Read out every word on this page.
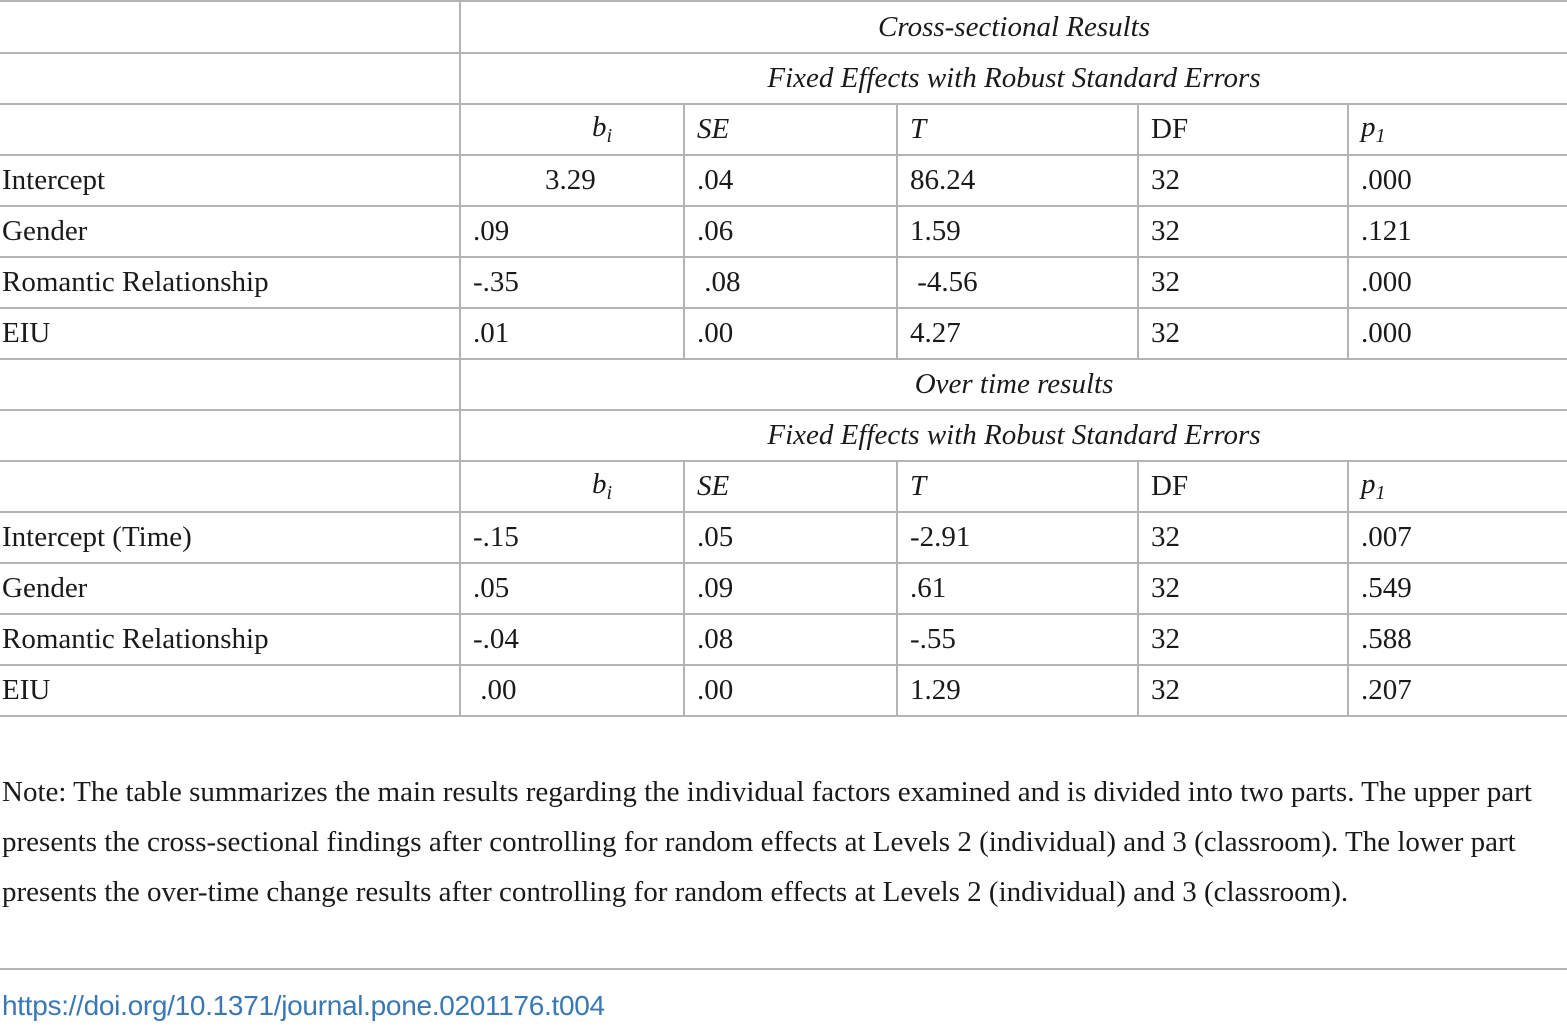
	Cross-sectional Results				
	Fixed Effects with Robust Standard Errors				
	$b_i$	SE	T	DF	$p_1$
Intercept	3.29	.04	86.24	32	.000
Gender	.09	.06	1.59	32	.121
Romantic Relationship	-.35	.08	-4.56	32	.000
EIU	.01	.00	4.27	32	.000
	Over time results				
	Fixed Effects with Robust Standard Errors				
	$b_i$	SE	T	DF	$p_1$
Intercept (Time)	-.15	.05	-2.91	32	.007
Gender	.05	.09	.61	32	.549
Romantic Relationship	-.04	.08	-.55	32	.588
EIU	.00	.00	1.29	32	.207

Note: The table summarizes the main results regarding the individual factors examined and is divided into two parts. The upper part presents the cross-sectional findings after controlling for random effects at Levels 2 (individual) and 3 (classroom). The lower part presents the over-time change results after controlling for random effects at Levels 2 (individual) and 3 (classroom).

https://doi.org/10.1371/journal.pone.0201176.t004
